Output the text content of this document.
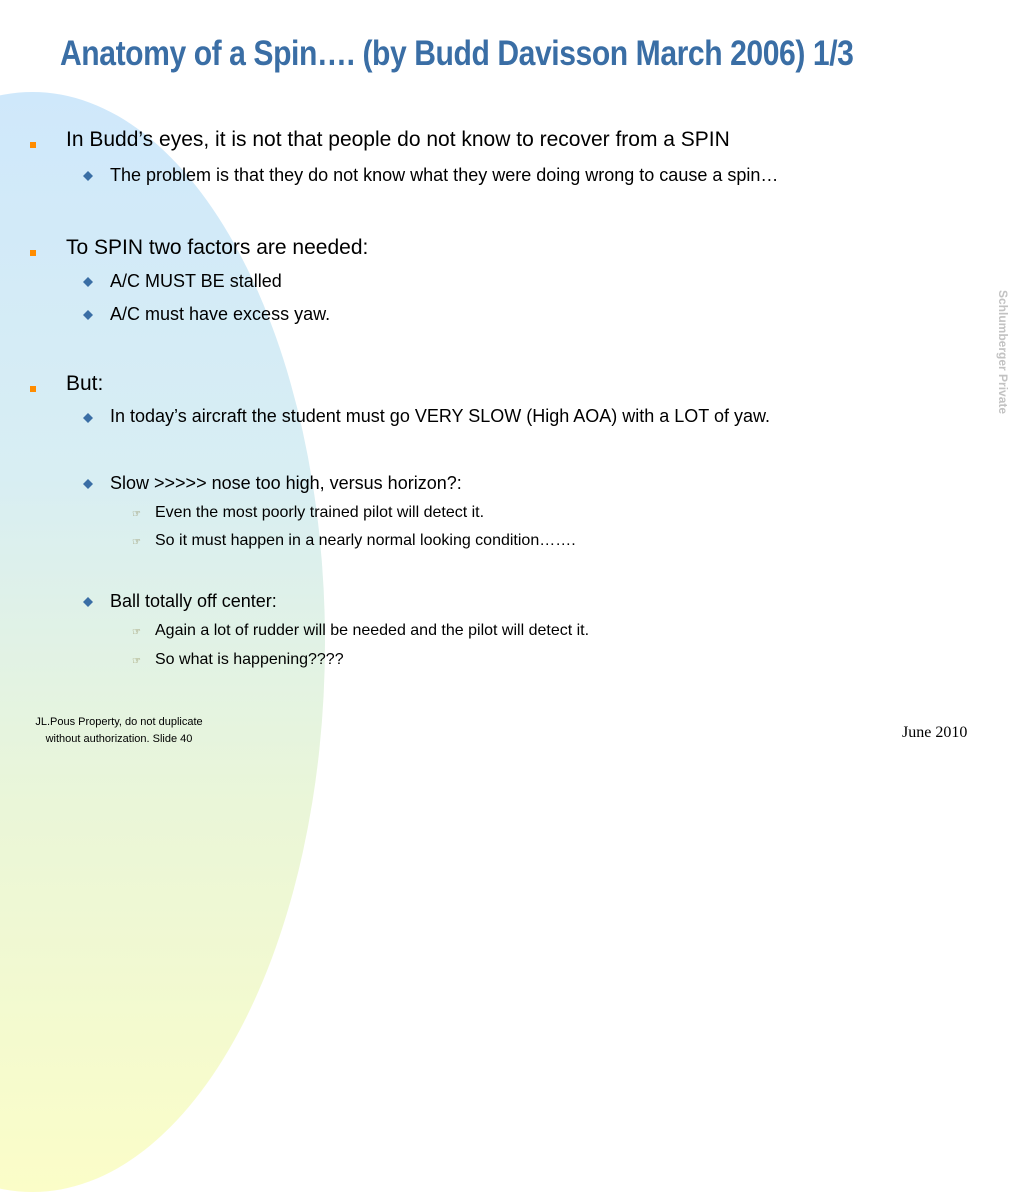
Anatomy of a Spin…. (by Budd Davisson March 2006) 1/3
In Budd’s eyes, it is not that people do not know to recover from a SPIN
The problem is that they do not know what they were doing wrong to cause a spin…
To SPIN two factors are needed:
A/C MUST BE stalled
A/C must have excess yaw.
But:
In today’s aircraft the student must go VERY SLOW (High AOA) with a LOT of yaw.
Slow >>>>> nose too high, versus horizon?:
☞ Even the most poorly trained pilot will detect it.
☞ So it must happen in a nearly normal looking condition…….
Ball totally off center:
☞ Again a lot of rudder will be needed and the pilot will detect it.
☞ So what is happening????
Schlumberger Private
JL.Pous Property, do not duplicate
without authorization. Slide 40	June 2010
